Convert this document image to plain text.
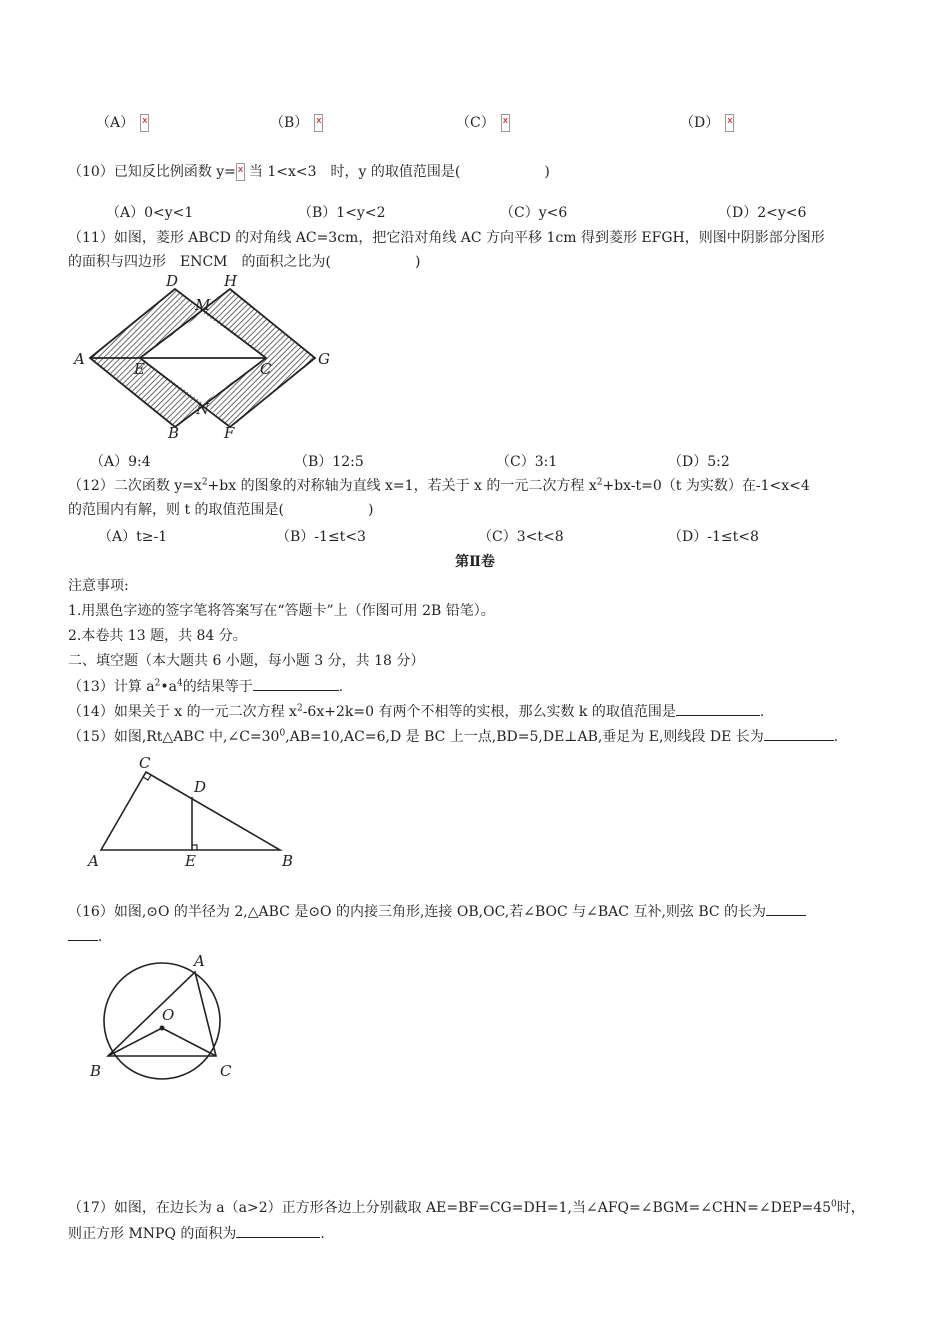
（A） x	（B） x	（C） x	（D）x
（10）已知反比例函数 y= x 当 1<x<3　时，y 的取值范围是(	)
（A）0<y<1	（B）1<y<2	（C）y<6	（D）2<y<6
（11）如图，菱形 ABCD 的对角线 AC=3cm，把它沿对角线 AC 方向平移 1cm 得到菱形 EFGH，则图中阴影部分图形
的面积与四边形　ENCM　的面积之比为(	)
D	H
M
A
E	C
G
N
B	F
（A）9:4	（B）12:5	（C）3:1	（D）5:2
（12）二次函数 $y=x^2+bx$ 的图象的对称轴为直线 x=1，若关于 x 的一元二次方程 $x^2+bx-t=0(t$ 为实数）在-1<x<4
的范围内有解，则 t 的取值范围是(	)
（A）t≥-1	（B）-1≤t<3	（C）3<t<8	（D）-1≤t<8
第Ⅱ卷
注意事项:
1.用黑色字迹的签字笔将答案写在“答题卡”上（作图可用 2B 铅笔）。
2.本卷共 13 题，共 84 分。
二、填空题（本大题共 6 小题，每小题 3 分，共 18 分）
（13）计算 $a^2•a^4$的结果等于	.
（14）如果关于 x 的一元二次方程 $x^2-6x+2k=0$ 有两个不相等的实根，那么实数 k 的取值范围是	.
（15）如图,Rt△ABC 中$,\angle C=30^0,AB=10,AC=6,D$ 是 BC 上一点,BD=5,DE⊥AB,垂足为 E,则线段 DE 长为	.
C
D
A	E	B
（16）如图,⊙O 的半径为 2,△ABC 是⊙O 的内接三角形,连接 OB,OC,若∠BOC 与∠BAC 互补,则弦 BC 的长为
.
A
O
B	C
（17）如图，在边长为 a（a>2）正方形各边上分别截取 AE=BF=CG=DH=1,当$\angle AFQ=\angle BGM=\angle CHN=\angle DEP=45^0$时，
则正方形 MNPQ 的面积为	.
